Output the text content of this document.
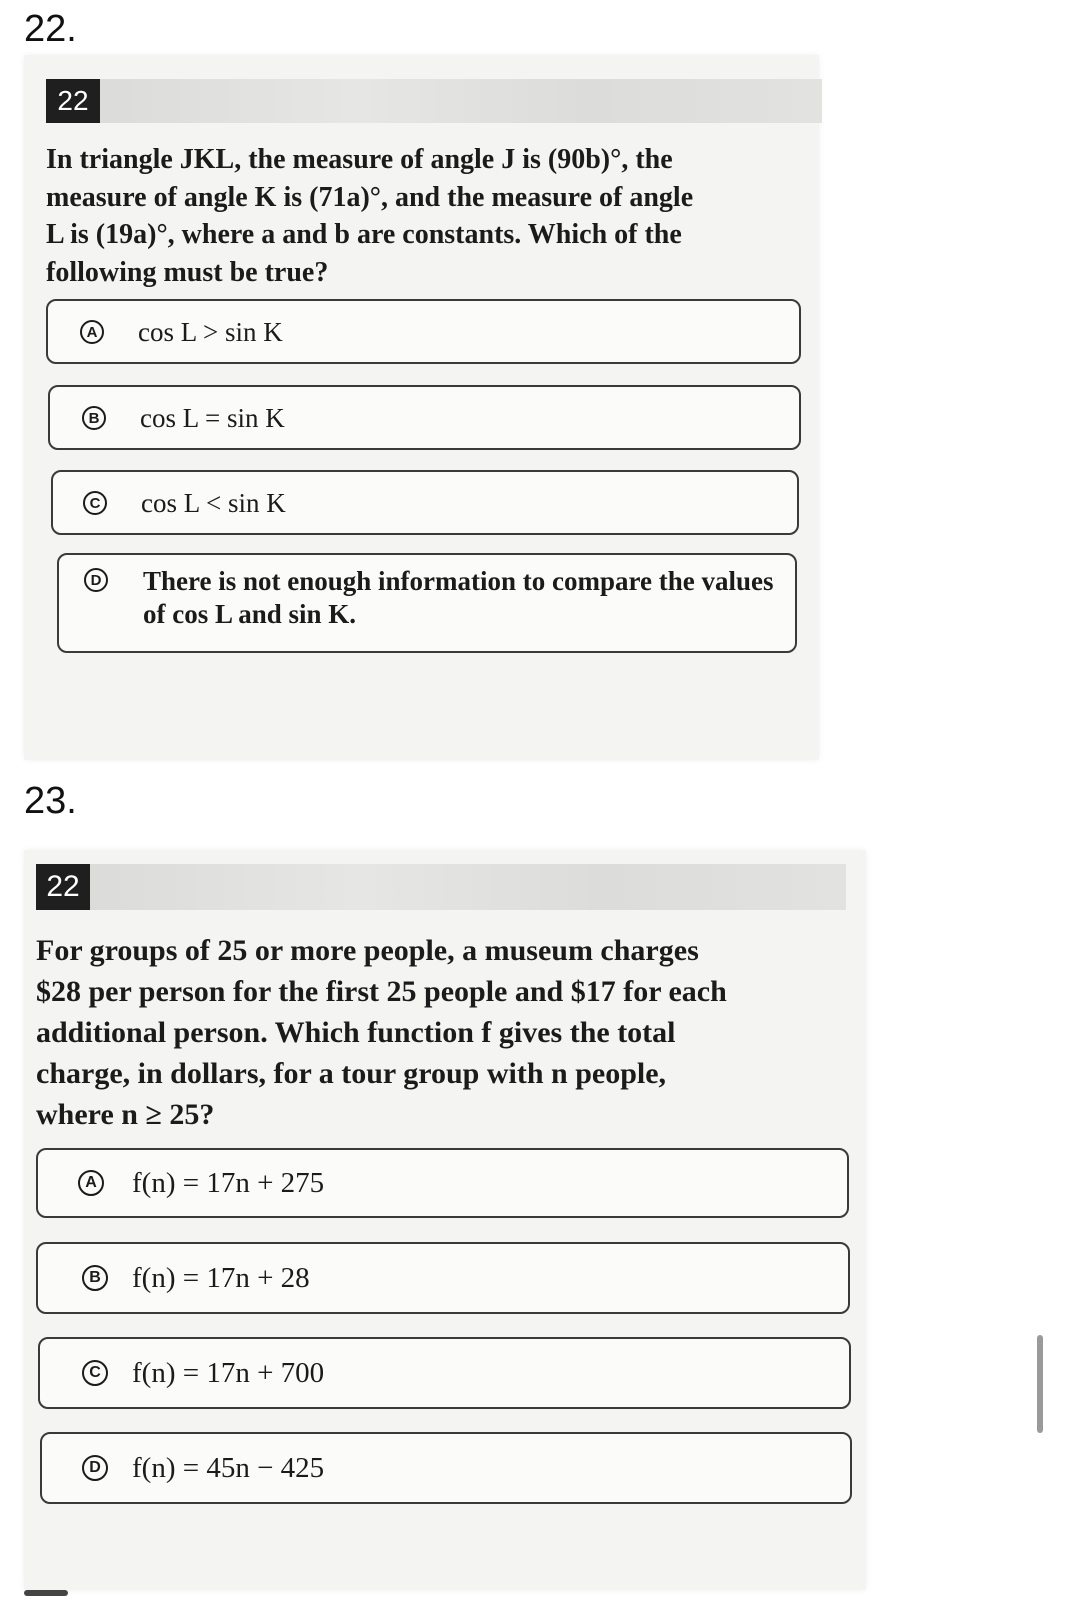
22.
22
In triangle JKL, the measure of angle J is (90b)°, the
measure of angle K is (71a)°, and the measure of angle
L is (19a)°, where a and b are constants. Which of the
following must be true?
A cos L > sin K
B cos L = sin K
C cos L < sin K
D There is not enough information to compare the values of cos L and sin K.
23.
22
For groups of 25 or more people, a museum charges
$28 per person for the first 25 people and $17 for each
additional person. Which function f gives the total
charge, in dollars, for a tour group with n people,
where n ≥ 25?
A f(n) = 17n + 275
B f(n) = 17n + 28
C f(n) = 17n + 700
D f(n) = 45n − 425
